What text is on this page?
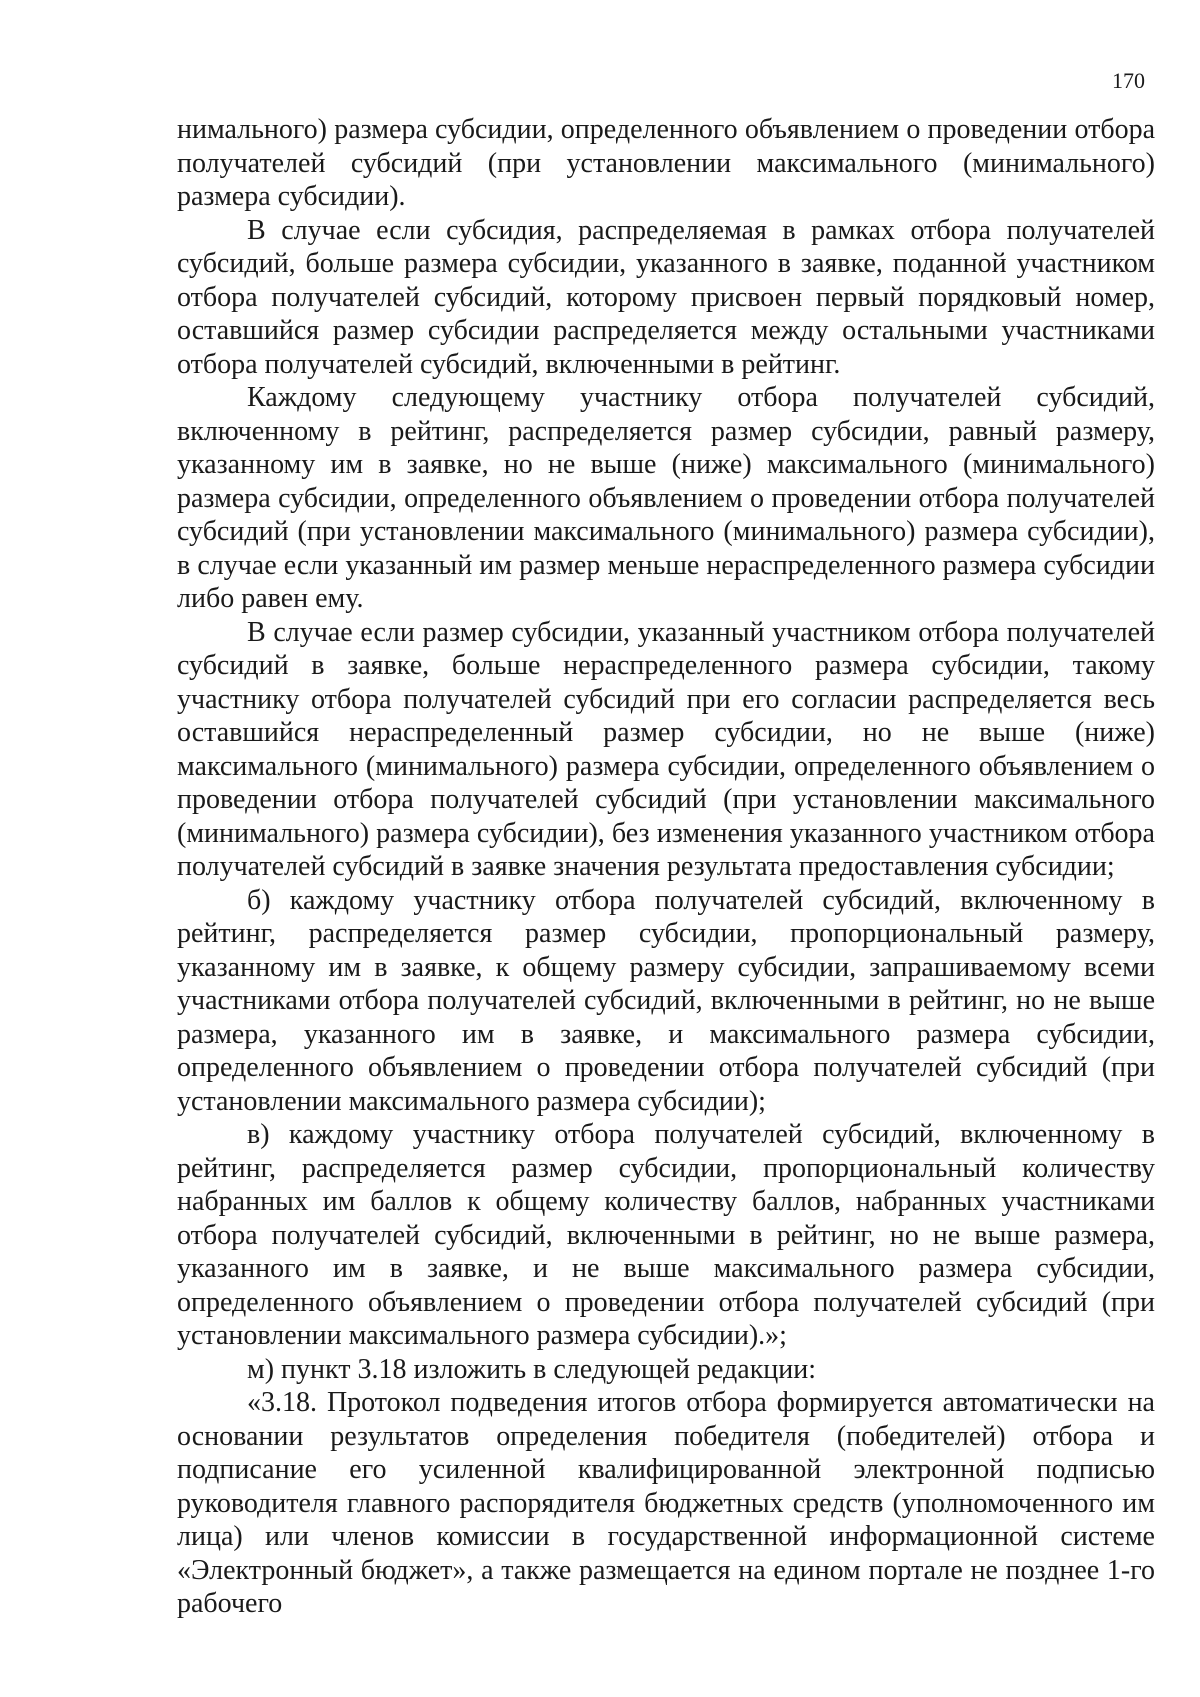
170

нимального) размера субсидии, определенного объявлением о проведении отбора получателей субсидий (при установлении максимального (минимального) размера субсидии).

В случае если субсидия, распределяемая в рамках отбора получателей субсидий, больше размера субсидии, указанного в заявке, поданной участником отбора получателей субсидий, которому присвоен первый порядковый номер, оставшийся размер субсидии распределяется между остальными участниками отбора получателей субсидий, включенными в рейтинг.

Каждому следующему участнику отбора получателей субсидий, включенному в рейтинг, распределяется размер субсидии, равный размеру, указанному им в заявке, но не выше (ниже) максимального (минимального) размера субсидии, определенного объявлением о проведении отбора получателей субсидий (при установлении максимального (минимального) размера субсидии), в случае если указанный им размер меньше нераспределенного размера субсидии либо равен ему.

В случае если размер субсидии, указанный участником отбора получателей субсидий в заявке, больше нераспределенного размера субсидии, такому участнику отбора получателей субсидий при его согласии распределяется весь оставшийся нераспределенный размер субсидии, но не выше (ниже) максимального (минимального) размера субсидии, определенного объявлением о проведении отбора получателей субсидий (при установлении максимального (минимального) размера субсидии), без изменения указанного участником отбора получателей субсидий в заявке значения результата предоставления субсидии;

б) каждому участнику отбора получателей субсидий, включенному в рейтинг, распределяется размер субсидии, пропорциональный размеру, указанному им в заявке, к общему размеру субсидии, запрашиваемому всеми участниками отбора получателей субсидий, включенными в рейтинг, но не выше размера, указанного им в заявке, и максимального размера субсидии, определенного объявлением о проведении отбора получателей субсидий (при установлении максимального размера субсидии);

в) каждому участнику отбора получателей субсидий, включенному в рейтинг, распределяется размер субсидии, пропорциональный количеству набранных им баллов к общему количеству баллов, набранных участниками отбора получателей субсидий, включенными в рейтинг, но не выше размера, указанного им в заявке, и не выше максимального размера субсидии, определенного объявлением о проведении отбора получателей субсидий (при установлении максимального размера субсидии).»;

м) пункт 3.18 изложить в следующей редакции:

«3.18. Протокол подведения итогов отбора формируется автоматически на основании результатов определения победителя (победителей) отбора и подписание его усиленной квалифицированной электронной подписью руководителя главного распорядителя бюджетных средств (уполномоченного им лица) или членов комиссии в государственной информационной системе «Электронный бюджет», а также размещается на едином портале не позднее 1-го рабочего
